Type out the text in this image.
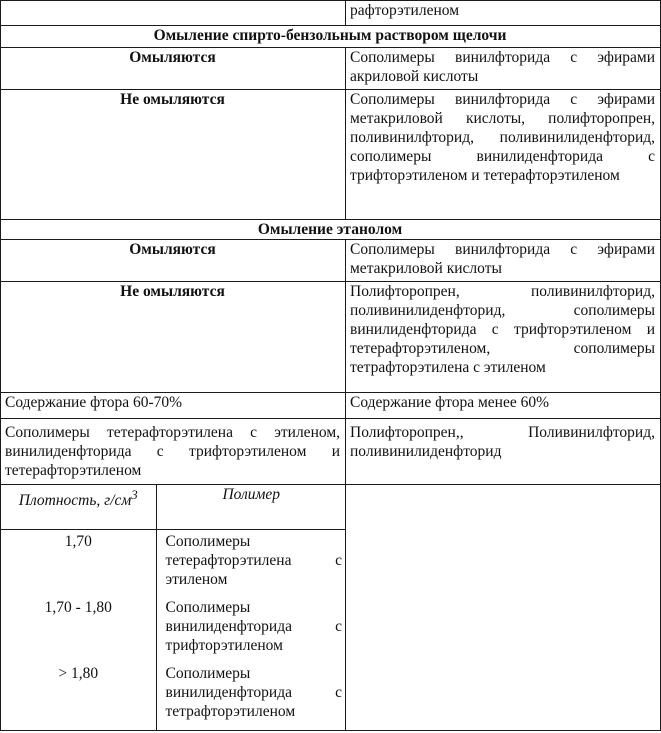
	рафторэтиленом
Омыление спирто-бензольным раствором щелочи
Омыляются	Сополимеры винилфторида с эфирами акриловой кислоты
Не омыляются	Сополимеры винилфторида с эфирами метакриловой кислоты, полифторопрен, поливинилфторид, поливинилиденфторид, сополимеры винилиденфторида с трифторэтиленом и тетерафторэтиленом
Омыление этанолом
Омыляются	Сополимеры винилфторида с эфирами метакриловой кислоты
Не омыляются	Полифторопрен, поливинилфторид, поливинилиденфторид, сополимеры винилиденфторида с трифторэтиленом и тетерафторэтиленом, сополимеры тетрафторэтилена с этиленом
Содержание фтора 60-70%	Содержание фтора менее 60%
Сополимеры тетерафторэтилена с этиленом, винилиденфторида с трифторэтиленом и тетерафторэтиленом	Полифторопрен,, Поливинилфторид, поливинилиденфторид

Плотность, $г/см^3$	Полимер
1,70	Сополимеры тетерафторэтилена с этиленом
1,70 - 1,80	Сополимеры винилиденфторида с трифторэтиленом
> 1,80	Сополимеры винилиденфторида с тетрафторэтиленом
